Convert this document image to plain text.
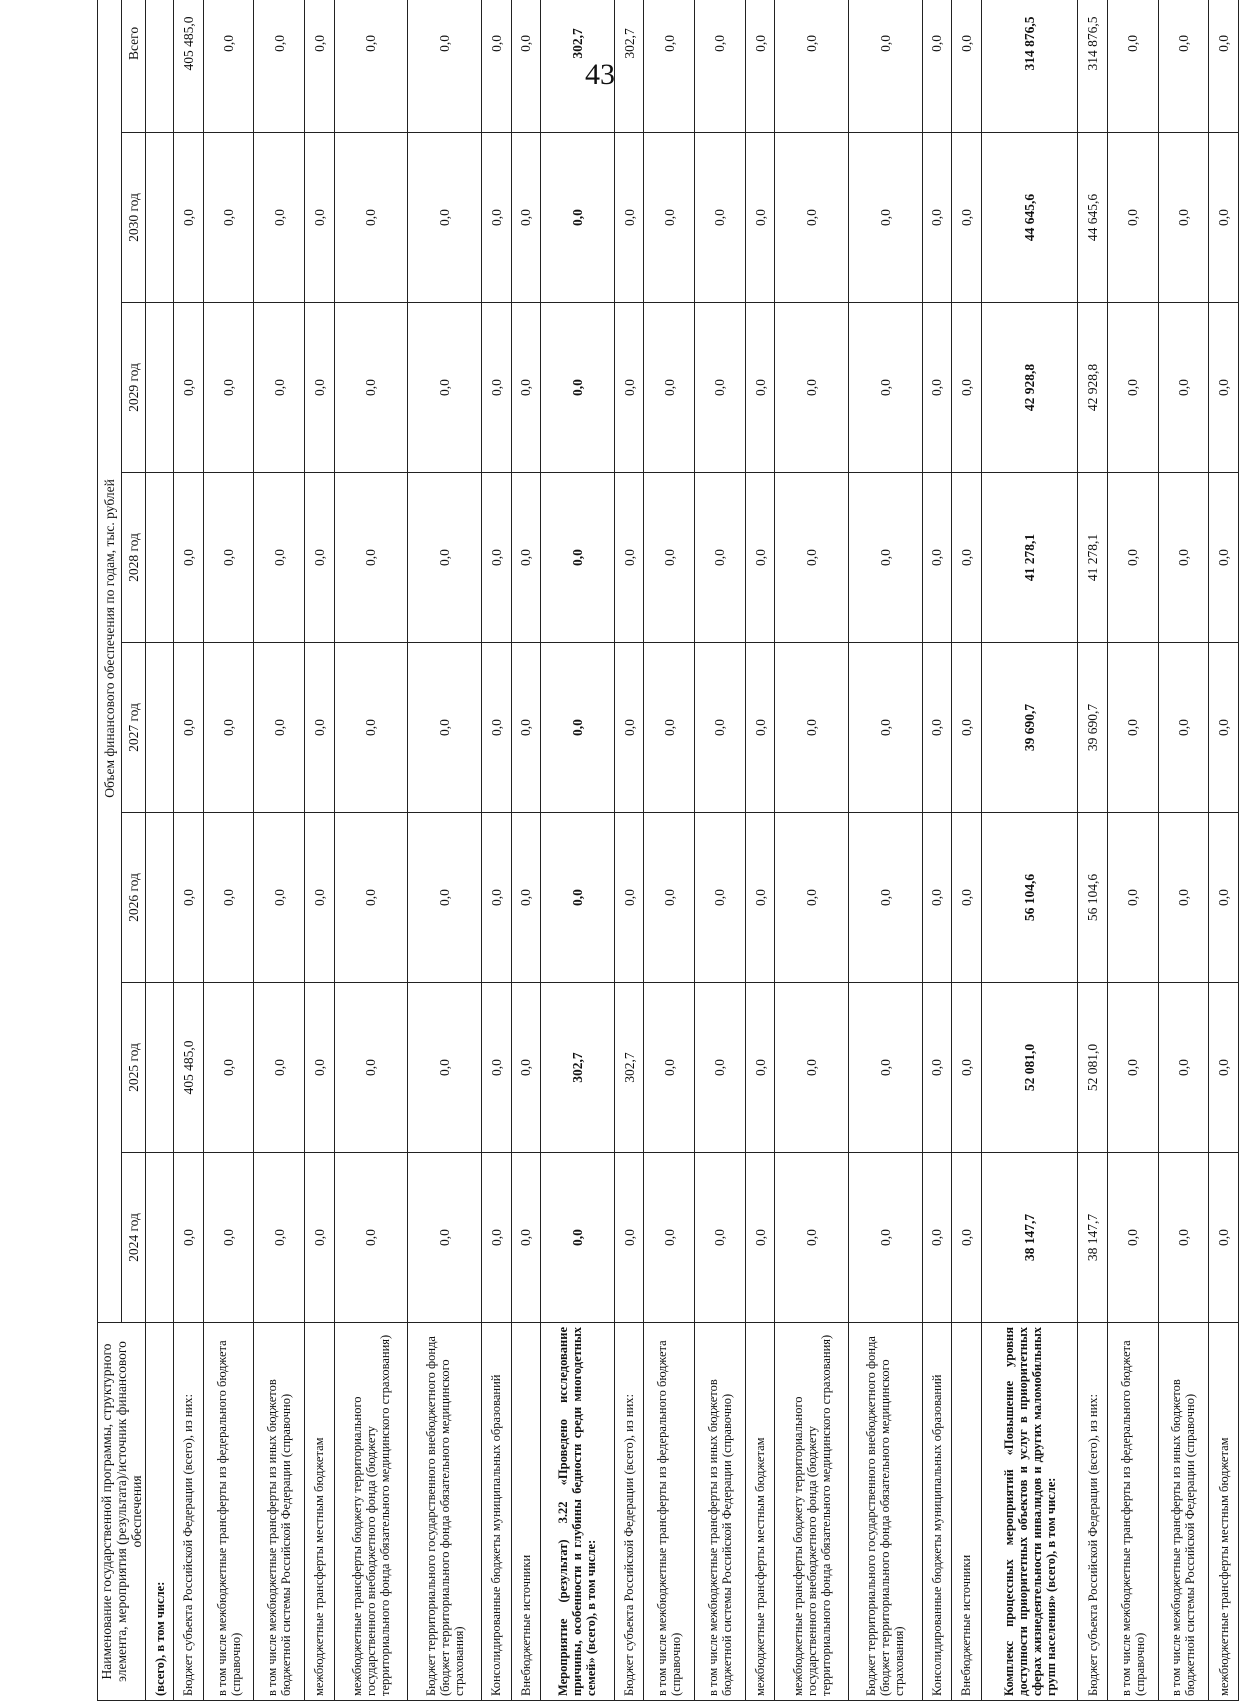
43
Наименование государственной программы, структурного элемента, мероприятия (результата)/источник финансового обеспечения	Объем финансового обеспечения по годам, тыс. рублей							
	2024 год	2025 год	2026 год	2027 год	2028 год	2029 год	2030 год	Всего
(всего), в том числе:								
Бюджет субъекта Российской Федерации (всего), из них:	0,0	405 485,0	0,0	0,0	0,0	0,0	0,0	405 485,0
в том числе межбюджетные трансферты из федерального бюджета (справочно)	0,0	0,0	0,0	0,0	0,0	0,0	0,0	0,0
в том числе межбюджетные трансферты из иных бюджетов бюджетной системы Российской Федерации (справочно)	0,0	0,0	0,0	0,0	0,0	0,0	0,0	0,0
межбюджетные трансферты местным бюджетам	0,0	0,0	0,0	0,0	0,0	0,0	0,0	0,0
межбюджетные трансферты бюджету территориального государственного внебюджетного фонда (бюджету территориального фонда обязательного медицинского страхования)	0,0	0,0	0,0	0,0	0,0	0,0	0,0	0,0
Бюджет территориального государственного внебюджетного фонда (бюджет территориального фонда обязательного медицинского страхования)	0,0	0,0	0,0	0,0	0,0	0,0	0,0	0,0
Консолидированные бюджеты муниципальных образований	0,0	0,0	0,0	0,0	0,0	0,0	0,0	0,0
Внебюджетные источники	0,0	0,0	0,0	0,0	0,0	0,0	0,0	0,0
Мероприятие (результат) 3.22 «Проведено исследование причины, особенности и глубины бедности среди многодетных семей» (всего), в том числе:	0,0	302,7	0,0	0,0	0,0	0,0	0,0	302,7
Бюджет субъекта Российской Федерации (всего), из них:	0,0	302,7	0,0	0,0	0,0	0,0	0,0	302,7
в том числе межбюджетные трансферты из федерального бюджета (справочно)	0,0	0,0	0,0	0,0	0,0	0,0	0,0	0,0
в том числе межбюджетные трансферты из иных бюджетов бюджетной системы Российской Федерации (справочно)	0,0	0,0	0,0	0,0	0,0	0,0	0,0	0,0
межбюджетные трансферты местным бюджетам	0,0	0,0	0,0	0,0	0,0	0,0	0,0	0,0
межбюджетные трансферты бюджету территориального государственного внебюджетного фонда (бюджету территориального фонда обязательного медицинского страхования)	0,0	0,0	0,0	0,0	0,0	0,0	0,0	0,0
Бюджет территориального государственного внебюджетного фонда (бюджет территориального фонда обязательного медицинского страхования)	0,0	0,0	0,0	0,0	0,0	0,0	0,0	0,0
Консолидированные бюджеты муниципальных образований	0,0	0,0	0,0	0,0	0,0	0,0	0,0	0,0
Внебюджетные источники	0,0	0,0	0,0	0,0	0,0	0,0	0,0	0,0
Комплекс процессных мероприятий «Повышение уровня доступности приоритетных объектов и услуг в приоритетных сферах жизнедеятельности инвалидов и других маломобильных групп населения» (всего), в том числе:	38 147,7	52 081,0	56 104,6	39 690,7	41 278,1	42 928,8	44 645,6	314 876,5
Бюджет субъекта Российской Федерации (всего), из них:	38 147,7	52 081,0	56 104,6	39 690,7	41 278,1	42 928,8	44 645,6	314 876,5
в том числе межбюджетные трансферты из федерального бюджета (справочно)	0,0	0,0	0,0	0,0	0,0	0,0	0,0	0,0
в том числе межбюджетные трансферты из иных бюджетов бюджетной системы Российской Федерации (справочно)	0,0	0,0	0,0	0,0	0,0	0,0	0,0	0,0
межбюджетные трансферты местным бюджетам	0,0	0,0	0,0	0,0	0,0	0,0	0,0	0,0
